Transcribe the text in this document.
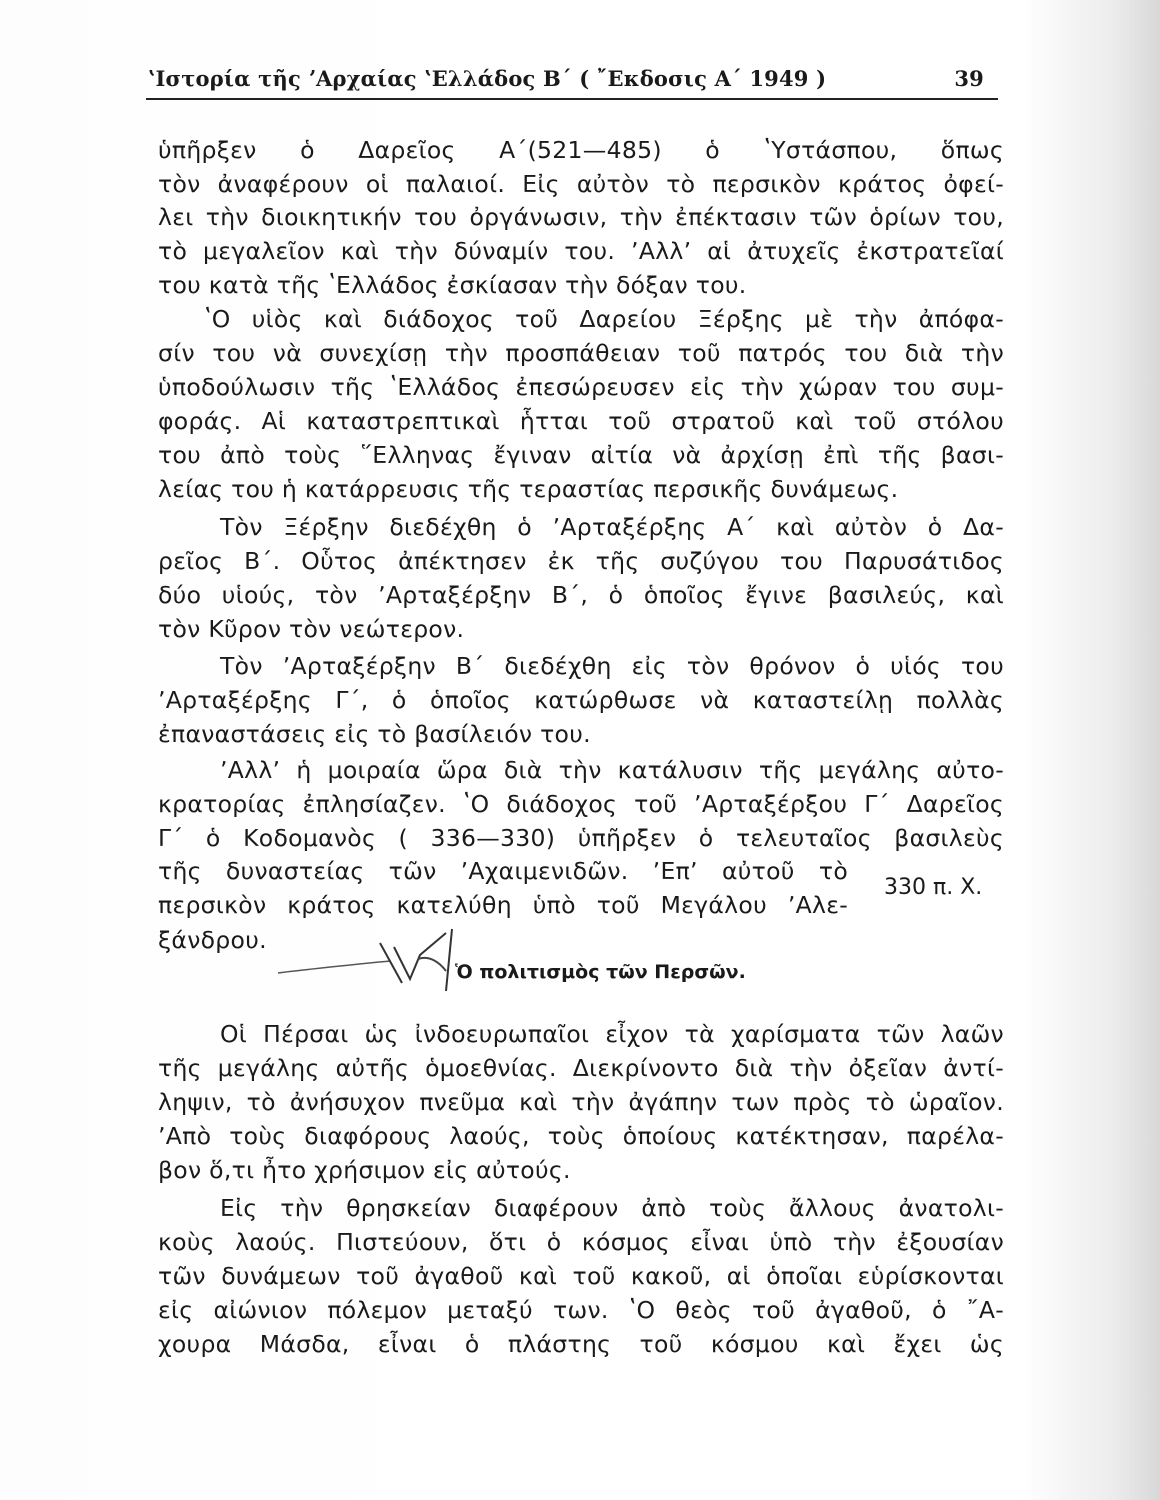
ʽΙστορία τῆς ʼΑρχαίας ʽΕλλάδος Β΄ ( ῎Εκδοσις Α΄ 1949 )	39
ὑπῆρξεν ὁ Δαρεῖος Α΄(521—485) ὁ ʽΥστάσπου, ὅπως
τὸν ἀναφέρουν οἱ παλαιοί. Εἰς αὐτὸν τὸ περσικὸν κράτος ὀφεί-
λει τὴν διοικητικήν του ὀργάνωσιν, τὴν ἐπέκτασιν τῶν ὁρίων του,
τὸ μεγαλεῖον καὶ τὴν δύναμίν του. ʼΑλλʼ αἱ ἀτυχεῖς ἐκστρατεῖαί
του κατὰ τῆς ʽΕλλάδος ἐσκίασαν τὴν δόξαν του.
ʽΟ υἱὸς καὶ διάδοχος τοῦ Δαρείου Ξέρξης μὲ τὴν ἀπόφα-
σίν του νὰ συνεχίσῃ τὴν προσπάθειαν τοῦ πατρός του διὰ τὴν
ὑποδούλωσιν τῆς ʽΕλλάδος ἐπεσώρευσεν εἰς τὴν χώραν του συμ-
φοράς. Αἱ καταστρεπτικαὶ ἧτται τοῦ στρατοῦ καὶ τοῦ στόλου
του ἀπὸ τοὺς ῞Ελληνας ἔγιναν αἰτία νὰ ἀρχίσῃ ἐπὶ τῆς βασι-
λείας του ἡ κατάρρευσις τῆς τεραστίας περσικῆς δυνάμεως.
Τὸν Ξέρξην διεδέχθη ὁ ʼΑρταξέρξης Α΄ καὶ αὐτὸν ὁ Δα-
ρεῖος Β΄. Οὗτος ἀπέκτησεν ἐκ τῆς συζύγου του Παρυσάτιδος
δύο υἱούς, τὸν ʼΑρταξέρξην Β΄, ὁ ὁποῖος ἔγινε βασιλεύς, καὶ
τὸν Κῦρον τὸν νεώτερον.
Τὸν ʼΑρταξέρξην Β΄ διεδέχθη εἰς τὸν θρόνον ὁ υἱός του
ʼΑρταξέρξης Γ΄, ὁ ὁποῖος κατώρθωσε νὰ καταστείλῃ πολλὰς
ἐπαναστάσεις εἰς τὸ βασίλειόν του.
ʼΑλλʼ ἡ μοιραία ὥρα διὰ τὴν κατάλυσιν τῆς μεγάλης αὐτο-
κρατορίας ἐπλησίαζεν. ʽΟ διάδοχος τοῦ ʼΑρταξέρξου Γ΄ Δαρεῖος
Γ΄ ὁ Κοδομανὸς ( 336—330) ὑπῆρξεν ὁ τελευταῖος βασιλεὺς
τῆς δυναστείας τῶν ʼΑχαιμενιδῶν. ʼΕπʼ αὐτοῦ τὸ
περσικὸν κράτος κατελύθη ὑπὸ τοῦ Μεγάλου ʼΑλε-
ξάνδρου.
330 π. Χ.
Ὁ πολιτισμὸς τῶν Περσῶν.
Οἱ Πέρσαι ὡς ἰνδοευρωπαῖοι εἶχον τὰ χαρίσματα τῶν λαῶν
τῆς μεγάλης αὐτῆς ὁμοεθνίας. Διεκρίνοντο διὰ τὴν ὀξεῖαν ἀντί-
ληψιν, τὸ ἀνήσυχον πνεῦμα καὶ τὴν ἀγάπην των πρὸς τὸ ὡραῖον.
ʼΑπὸ τοὺς διαφόρους λαούς, τοὺς ὁποίους κατέκτησαν, παρέλα-
βον ὅ,τι ἦτο χρήσιμον εἰς αὐτούς.
Εἰς τὴν θρησκείαν διαφέρουν ἀπὸ τοὺς ἄλλους ἀνατολι-
κοὺς λαούς. Πιστεύουν, ὅτι ὁ κόσμος εἶναι ὑπὸ τὴν ἐξουσίαν
τῶν δυνάμεων τοῦ ἀγαθοῦ καὶ τοῦ κακοῦ, αἱ ὁποῖαι εὑρίσκονται
εἰς αἰώνιον πόλεμον μεταξύ των. ʽΟ θεὸς τοῦ ἀγαθοῦ, ὁ ῎Α-
χουρα Μάσδα, εἶναι ὁ πλάστης τοῦ κόσμου καὶ ἔχει ὡς
